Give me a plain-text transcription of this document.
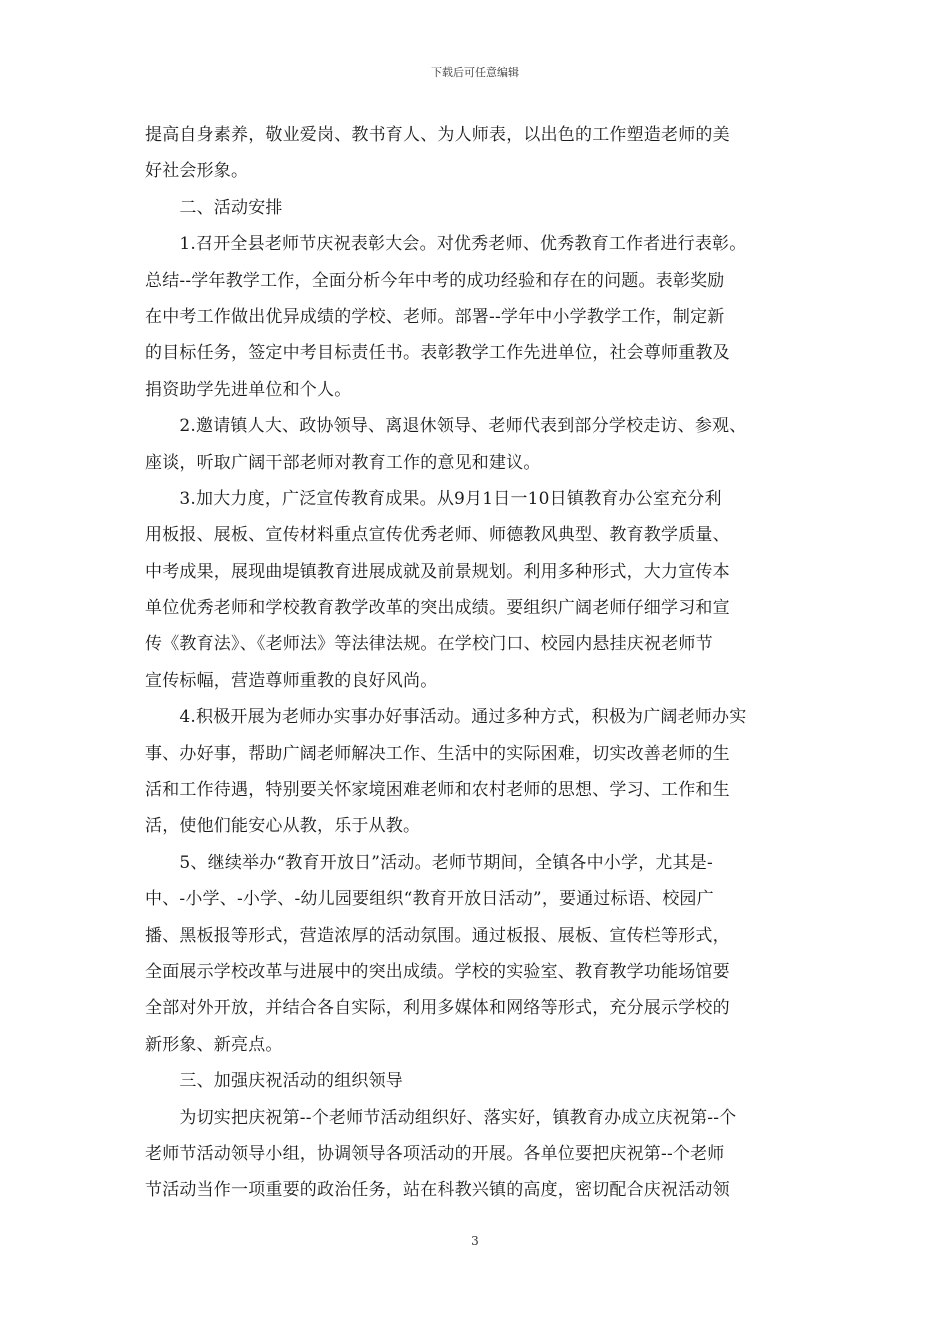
下载后可任意编辑
提高自身素养，敬业爱岗、教书育人、为人师表，以出色的工作塑造老师的美
好社会形象。
　　二、活动安排
　　1.召开全县老师节庆祝表彰大会。对优秀老师、优秀教育工作者进行表彰。
总结--学年教学工作，全面分析今年中考的成功经验和存在的问题。表彰奖励
在中考工作做出优异成绩的学校、老师。部署--学年中小学教学工作，制定新
的目标任务，签定中考目标责任书。表彰教学工作先进单位，社会尊师重教及
捐资助学先进单位和个人。
　　2.邀请镇人大、政协领导、离退休领导、老师代表到部分学校走访、参观、
座谈，听取广阔干部老师对教育工作的意见和建议。
　　3.加大力度，广泛宣传教育成果。从9月1日一10日镇教育办公室充分利
用板报、展板、宣传材料重点宣传优秀老师、师德教风典型、教育教学质量、
中考成果，展现曲堤镇教育进展成就及前景规划。利用多种形式，大力宣传本
单位优秀老师和学校教育教学改革的突出成绩。要组织广阔老师仔细学习和宣
传《教育法》、《老师法》等法律法规。在学校门口、校园内悬挂庆祝老师节
宣传标幅，营造尊师重教的良好风尚。
　　4.积极开展为老师办实事办好事活动。通过多种方式，积极为广阔老师办实
事、办好事，帮助广阔老师解决工作、生活中的实际困难，切实改善老师的生
活和工作待遇，特别要关怀家境困难老师和农村老师的思想、学习、工作和生
活，使他们能安心从教，乐于从教。
　　5、继续举办“教育开放日”活动。老师节期间，全镇各中小学，尤其是-
中、-小学、-小学、-幼儿园要组织“教育开放日活动”，要通过标语、校园广
播、黑板报等形式，营造浓厚的活动氛围。通过板报、展板、宣传栏等形式，
全面展示学校改革与进展中的突出成绩。学校的实验室、教育教学功能场馆要
全部对外开放，并结合各自实际，利用多媒体和网络等形式，充分展示学校的
新形象、新亮点。
　　三、加强庆祝活动的组织领导
　　为切实把庆祝第--个老师节活动组织好、落实好，镇教育办成立庆祝第--个
老师节活动领导小组，协调领导各项活动的开展。各单位要把庆祝第--个老师
节活动当作一项重要的政治任务，站在科教兴镇的高度，密切配合庆祝活动领
3
